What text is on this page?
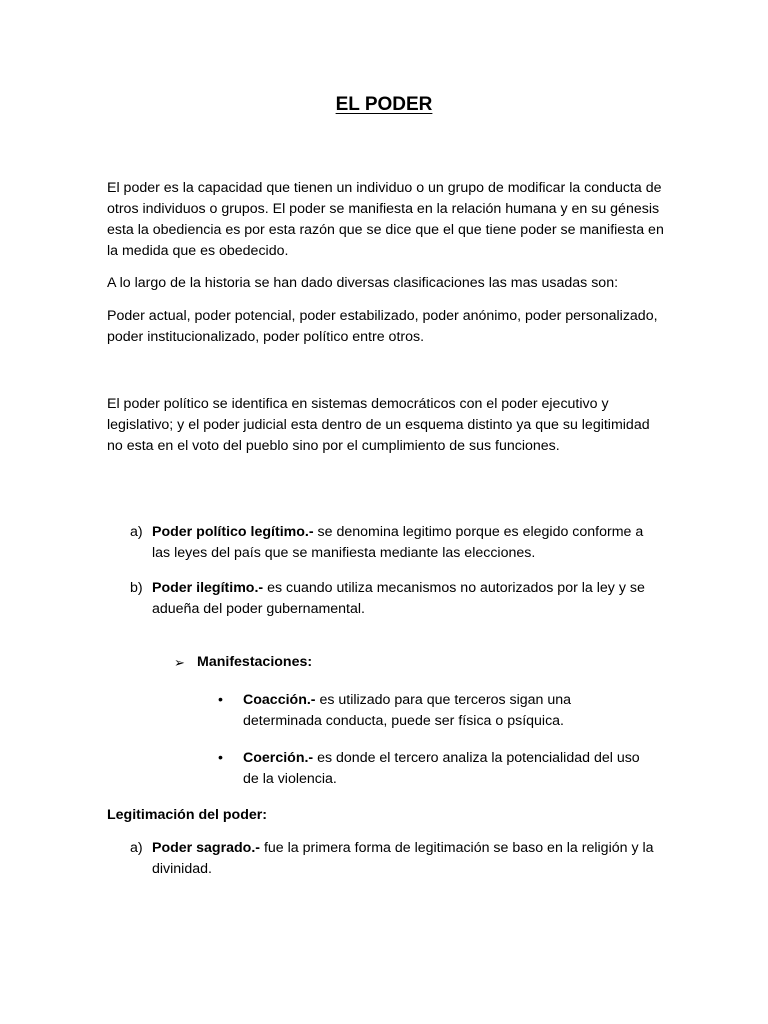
EL PODER

El poder es la capacidad que tienen un individuo o un grupo de modificar la conducta de otros individuos o grupos. El poder se manifiesta en la relación humana y en su génesis esta la obediencia es por esta razón que se dice que el que tiene poder se manifiesta en la medida que es obedecido.

A lo largo de la historia se han dado diversas clasificaciones las mas usadas son:

Poder actual, poder potencial, poder estabilizado, poder anónimo, poder personalizado, poder institucionalizado, poder político entre otros.

El poder político se identifica en sistemas democráticos con el poder ejecutivo y legislativo; y el poder judicial esta dentro de un esquema distinto ya que su legitimidad no esta en el voto del pueblo sino por el cumplimiento de sus funciones.

a) Poder político legítimo.- se denomina legitimo porque es elegido conforme a las leyes del país que se manifiesta mediante las elecciones.
b) Poder ilegítimo.- es cuando utiliza mecanismos no autorizados por la ley y se adueña del poder gubernamental.
➢ Manifestaciones:
• Coacción.- es utilizado para que terceros sigan una determinada conducta, puede ser física o psíquica.
• Coerción.- es donde el tercero analiza la potencialidad del uso de la violencia.
Legitimación del poder:
a) Poder sagrado.- fue la primera forma de legitimación se baso en la religión y la divinidad.
